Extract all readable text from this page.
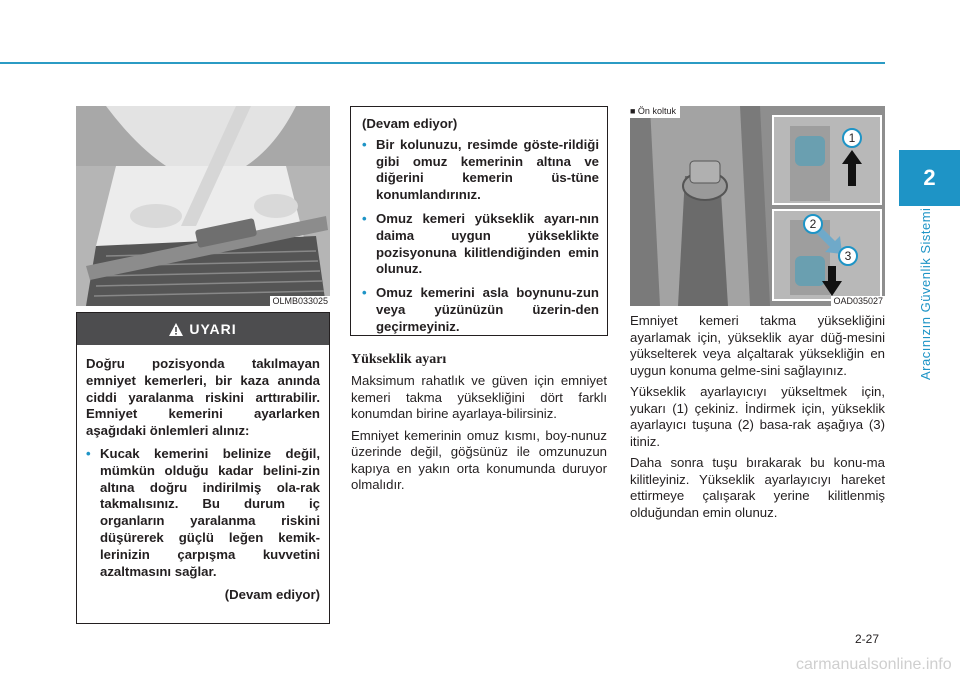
2
Aracınızın Güvenlik Sistemi
OLMB033025
UYARI

Doğru pozisyonda takılmayan emniyet kemerleri, bir kaza anında ciddi yaralanma riskini arttırabilir. Emniyet kemerini ayarlarken aşağıdaki önlemleri alınız:

• Kucak kemerini belinize değil, mümkün olduğu kadar belini-zin altına doğru indirilmiş ola-rak takmalısınız. Bu durum iç organların yaralanma riskini düşürerek güçlü leğen kemik-lerinizin çarpışma kuvvetini azaltmasını sağlar.
(Devam ediyor)
(Devam ediyor)
• Bir kolunuzu, resimde göste-rildiği gibi omuz kemerinin altına ve diğerini kemerin üs-tüne konumlandırınız.
• Omuz kemeri yükseklik ayarı-nın daima uygun yükseklikte pozisyonuna kilitlendiğinden emin olunuz.
• Omuz kemerini asla boynunu-zun veya yüzünüzün üzerin-den geçirmeyiniz.
Yükseklik ayarı

Maksimum rahatlık ve güven için emniyet kemeri takma yüksekliğini dört farklı konumdan birine ayarlaya-bilirsiniz.

Emniyet kemerinin omuz kısmı, boy-nunuz üzerinde değil, göğsünüz ile omzunuzun kapıya en yakın orta konumunda duruyor olmalıdır.

1
2
3
■ Ön koltuk
OAD035027

Emniyet kemeri takma yüksekliğini ayarlamak için, yükseklik ayar düğ-mesini yükselterek veya alçaltarak yüksekliğin en uygun konuma gelme-sini sağlayınız.

Yükseklik ayarlayıcıyı yükseltmek için, yukarı (1) çekiniz. İndirmek için, yükseklik ayarlayıcı tuşuna (2) basa-rak aşağıya (3) itiniz.

Daha sonra tuşu bırakarak bu konu-ma kilitleyiniz. Yükseklik ayarlayıcıyı hareket ettirmeye çalışarak yerine kilitlenmiş olduğundan emin olunuz.

2-27
carmanualsonline.info
